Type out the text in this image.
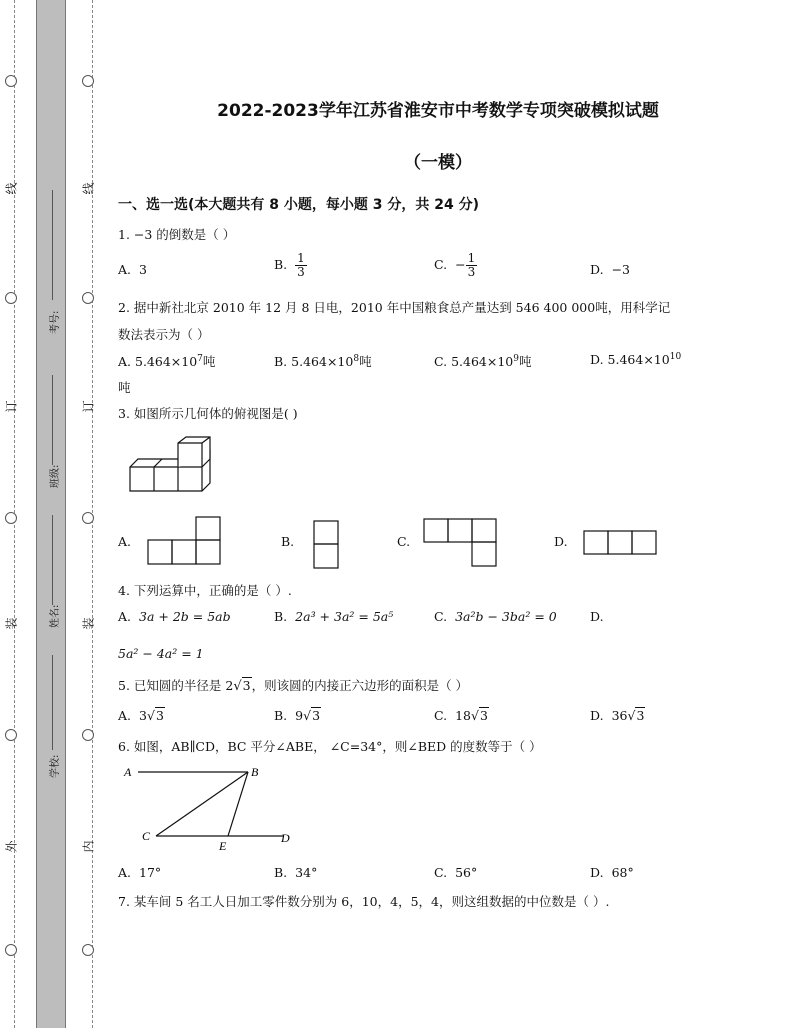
线
订
装
外
线
订
装
内
考号:
班级:
姓名:
学校:
2022-2023学年江苏省淮安市中考数学专项突破模拟试题
（一模）
一、选一选(本大题共有 8 小题，每小题 3 分，共 24 分)
1. −3 的倒数是（ ）
A. 3	B. $\frac{1}{3}$	C. − $\frac{1}{3}$	D. −3
2. 据中新社北京 2010 年 12 月 8 日电，2010 年中国粮食总产量达到 546 400 000吨，用科学记
数法表示为（ ）
A. $5.464\times 10^7$吨	B. $5.464\times 10^8$吨	C. $5.464\times 10^9$吨	D. $5.464\times 10^{10}$
吨
3. 如图所示几何体的俯视图是( )
A.	B.	C.	D.
4. 下列运算中，正确的是（ ）.
A. 3a + 2b = 5ab	B. 2a³ + 3a² = 5a⁵	C. 3a²b − 3ba² = 0	D.
5a² − 4a² = 1
5. 已知圆的半径是 2√3，则该圆的内接正六边形的面积是（ ）
A. 3√3	B. 9√3	C. 18√3	D. 36√3
6. 如图，AB∥CD，BC 平分∠ABE， ∠C=34°，则∠BED 的度数等于（ ）
A	B
C
E
D
A. 17°	B. 34°	C. 56°	D. 68°
7. 某车间 5 名工人日加工零件数分别为 6，10，4，5，4，则这组数据的中位数是（ ）.
